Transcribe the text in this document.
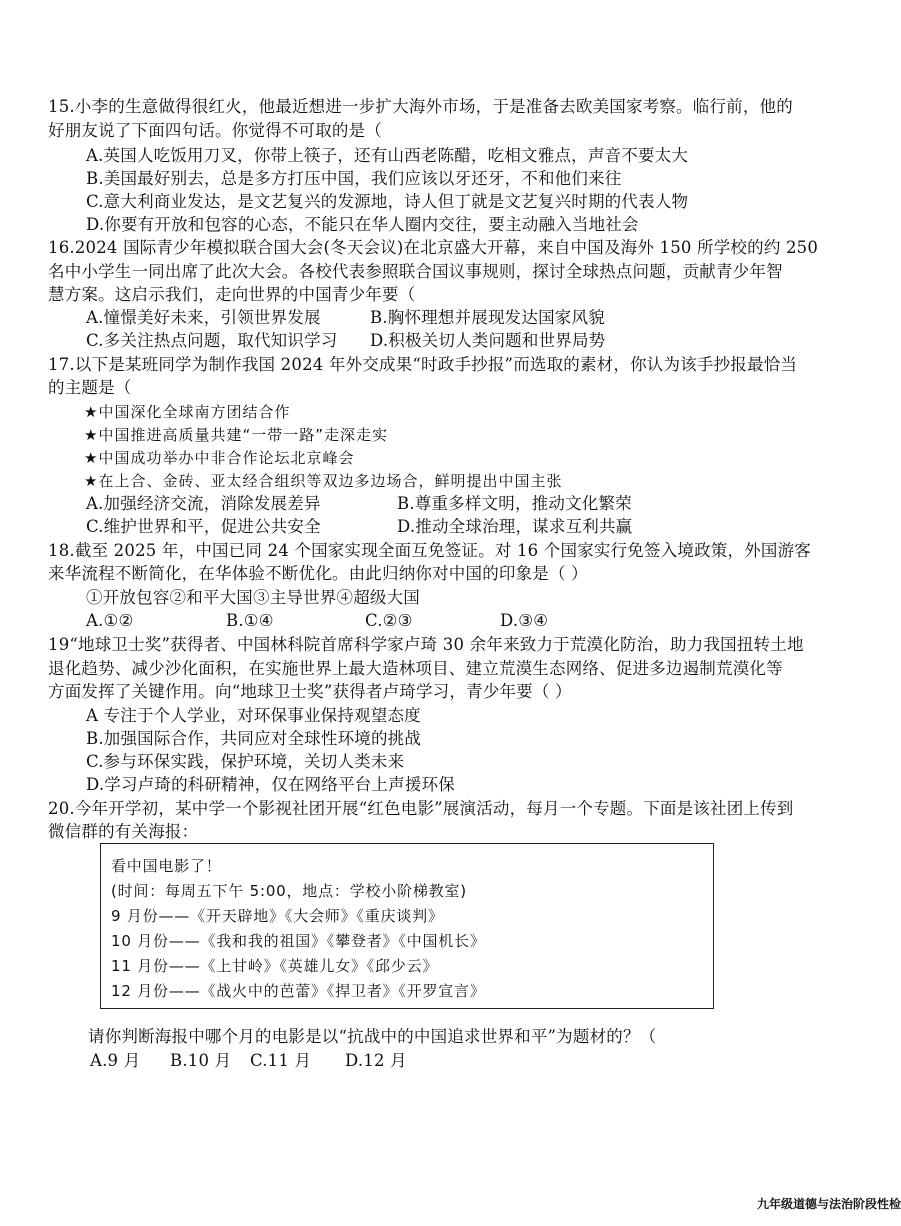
15.小李的生意做得很红火，他最近想进一步扩大海外市场，于是准备去欧美国家考察。临行前，他的
好朋友说了下面四句话。你觉得不可取的是（
A.英国人吃饭用刀叉，你带上筷子，还有山西老陈醋，吃相文雅点，声音不要太大
B.美国最好别去，总是多方打压中国，我们应该以牙还牙，不和他们来往
C.意大利商业发达，是文艺复兴的发源地，诗人但丁就是文艺复兴时期的代表人物
D.你要有开放和包容的心态，不能只在华人圈内交往，要主动融入当地社会
16.2024 国际青少年模拟联合国大会(冬天会议)在北京盛大开幕，来自中国及海外 150 所学校的约 250
名中小学生一同出席了此次大会。各校代表参照联合国议事规则，探讨全球热点问题，贡献青少年智
慧方案。这启示我们，走向世界的中国青少年要（
A.憧憬美好未来，引领世界发展	B.胸怀理想并展现发达国家风貌
C.多关注热点问题，取代知识学习 D.积极关切人类问题和世界局势
17.以下是某班同学为制作我国 2024 年外交成果“时政手抄报”而选取的素材，你认为该手抄报最恰当
的主题是（
★中国深化全球南方团结合作
★中国推进高质量共建“一带一路”走深走实
★中国成功举办中非合作论坛北京峰会
★在上合、金砖、亚太经合组织等双边多边场合，鲜明提出中国主张
A.加强经济交流，消除发展差异	B.尊重多样文明，推动文化繁荣
C.维护世界和平，促进公共安全	D.推动全球治理，谋求互利共赢
18.截至 2025 年，中国已同 24 个国家实现全面互免签证。对 16 个国家实行免签入境政策，外国游客
来华流程不断简化，在华体验不断优化。由此归纳你对中国的印象是（ ）
①开放包容②和平大国③主导世界④超级大国
A.①②	B.①④	C.②③	D.③④
19“地球卫士奖”获得者、中国林科院首席科学家卢琦 30 余年来致力于荒漠化防治，助力我国扭转土地
退化趋势、减少沙化面积，在实施世界上最大造林项目、建立荒漠生态网络、促进多边遏制荒漠化等
方面发挥了关键作用。向“地球卫士奖”获得者卢琦学习，青少年要（ ）
A 专注于个人学业，对环保事业保持观望态度
B.加强国际合作，共同应对全球性环境的挑战
C.参与环保实践，保护环境，关切人类未来
D.学习卢琦的科研精神，仅在网络平台上声援环保
20.今年开学初，某中学一个影视社团开展“红色电影”展演活动，每月一个专题。下面是该社团上传到
微信群的有关海报：
看中国电影了！
(时间：每周五下午 5:00，地点：学校小阶梯教室)
9 月份——《开天辟地》《大会师》《重庆谈判》
10 月份——《我和我的祖国》《攀登者》《中国机长》
11 月份——《上甘岭》《英雄儿女》《邱少云》
12 月份——《战火中的芭蕾》《捍卫者》《开罗宣言》
请你判断海报中哪个月的电影是以“抗战中的中国追求世界和平”为题材的？（
A.9 月 B.10 月 C.11 月 D.12 月
九年级道德与法治阶段性检
